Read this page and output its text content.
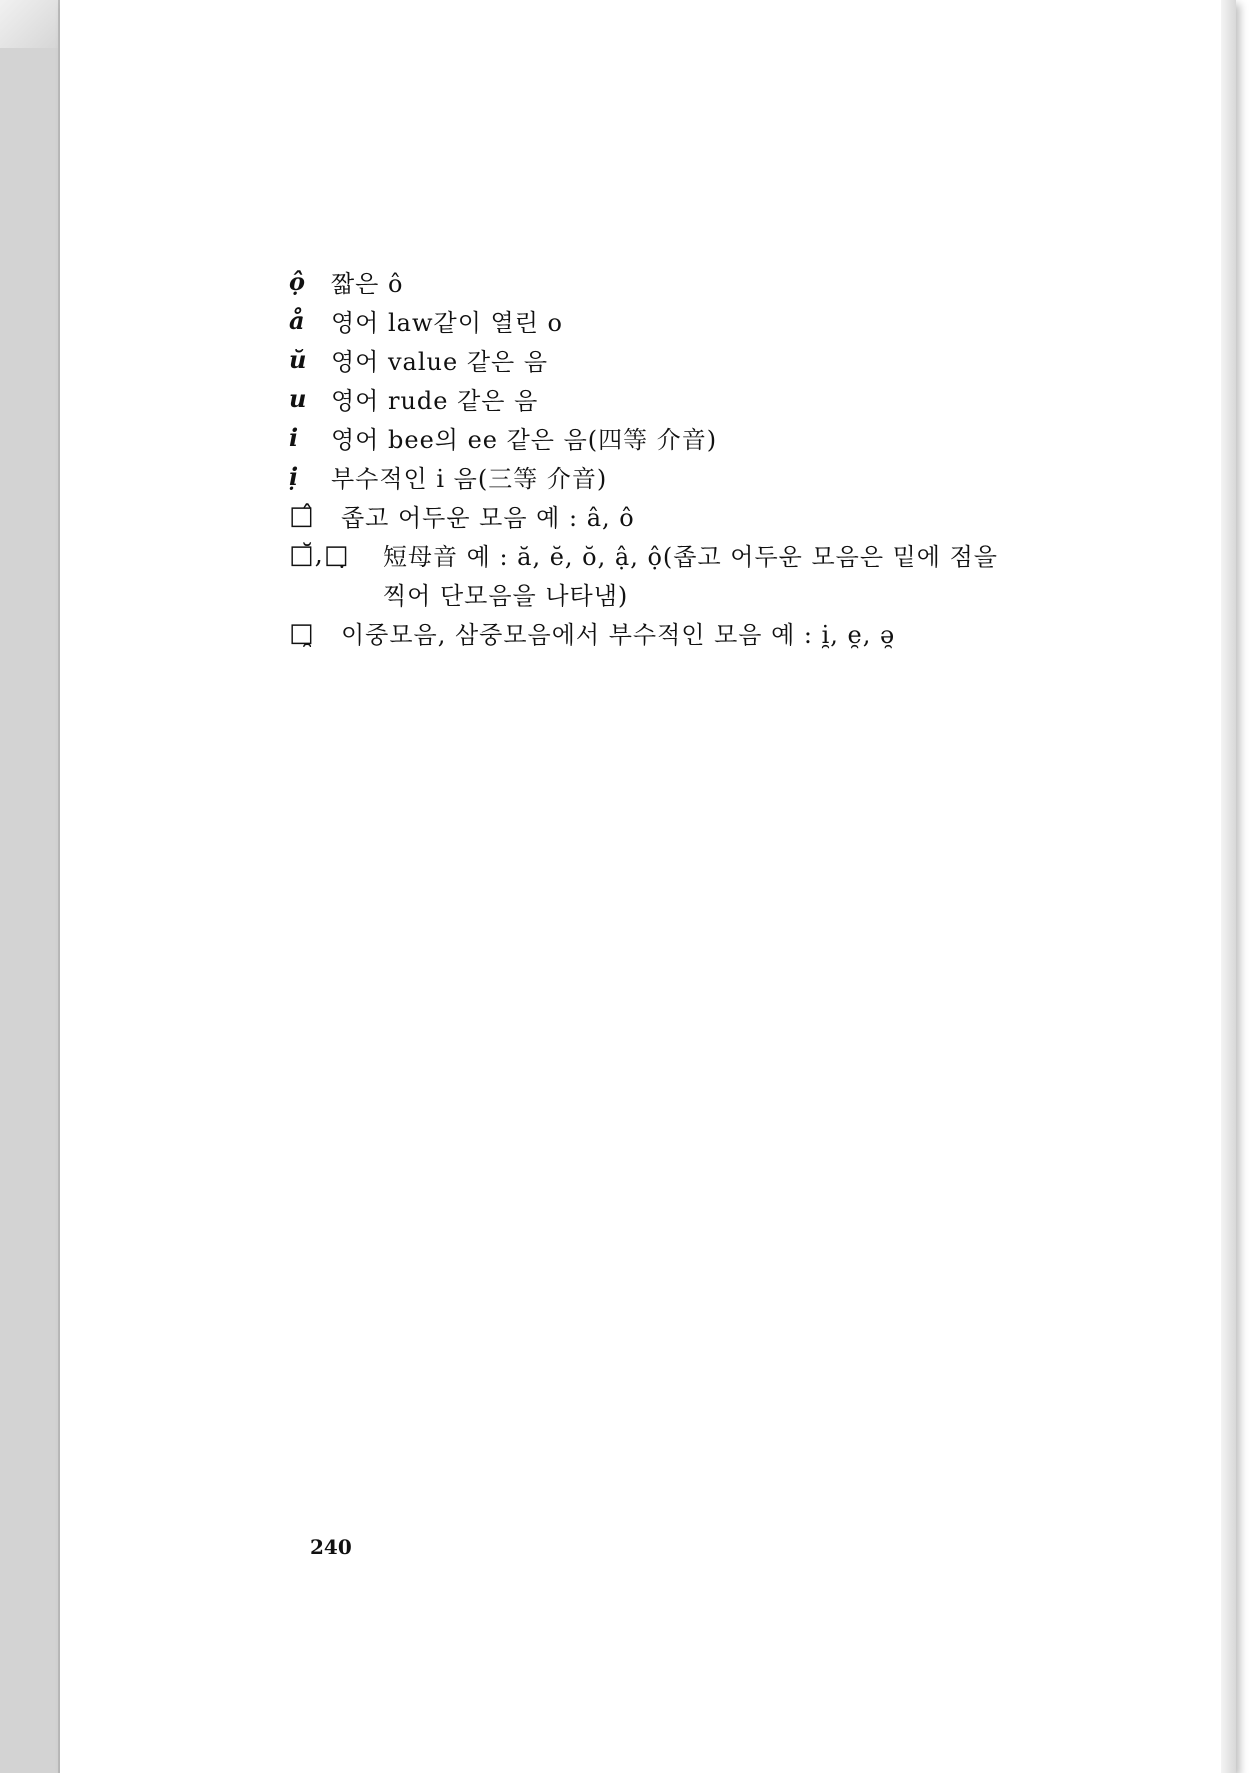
ộ	짧은 ô
å	영어 law같이 열린 o
ŭ 영어 value 같은 음
u 영어 rude 같은 음
i	영어 bee의 ee 같은 음(四等 介音)
ị	부수적인 i 음(三等 介音)
□̂	좁고 어두운 모음 예 : â, ô
□̆,□̣	短母音 예 : ă, ĕ, ŏ, ậ, ộ(좁고 어두운 모음은 밑에 점을
찍어 단모음을 나타냄)
□̯	이중모음, 삼중모음에서 부수적인 모음 예 : i̯, e̯, ə̯
240
